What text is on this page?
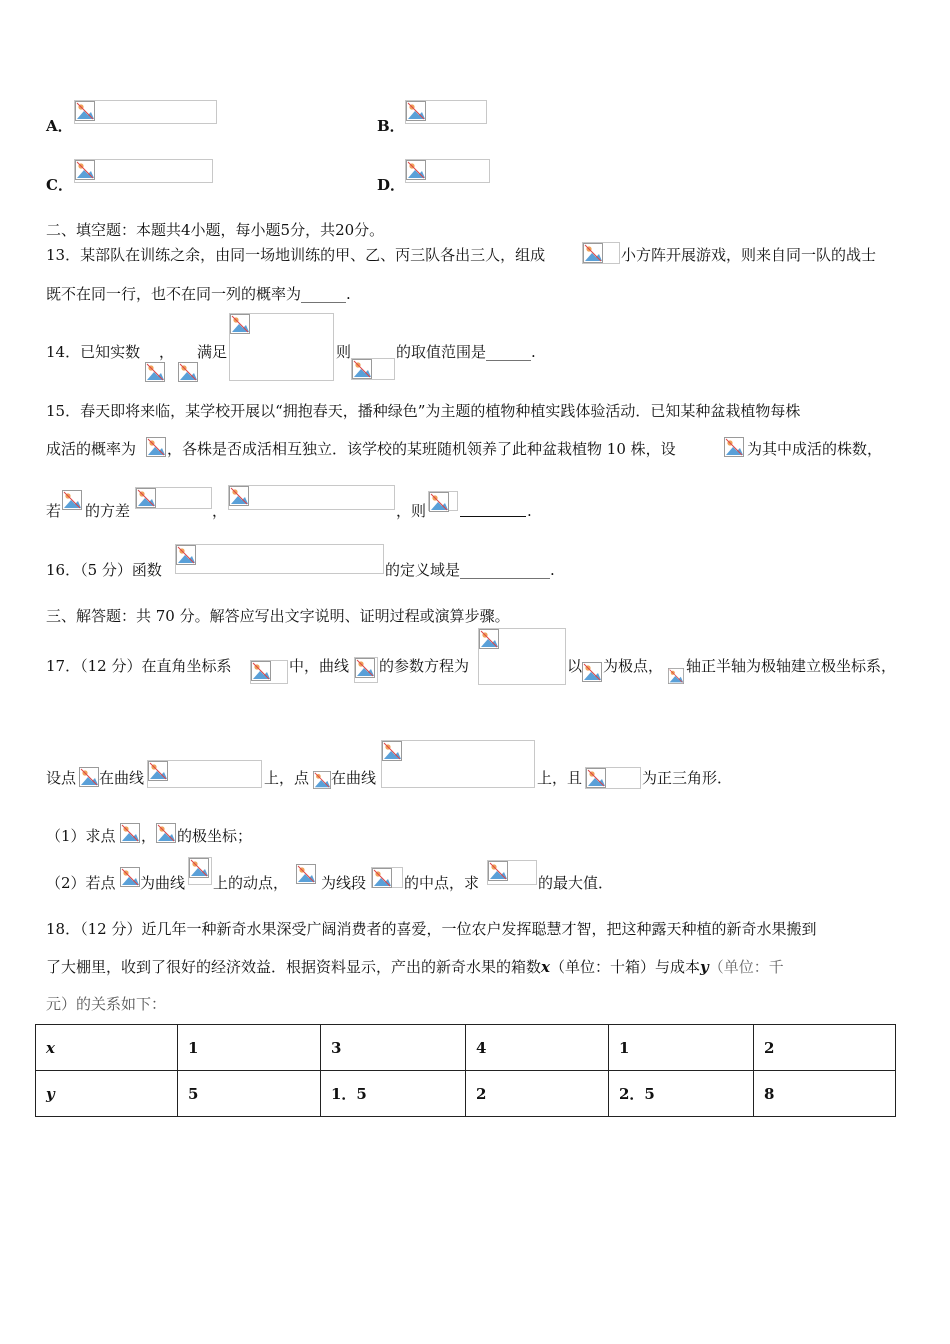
A．	B．
C．	D．
二、填空题：本题共4小题，每小题5分，共20分。
13．某部队在训练之余，由同一场地训练的甲、乙、丙三队各出三人，组成	小方阵开展游戏，则来自同一队的战士
既不在同一行，也不在同一列的概率为______.
14．已知实数 ， 满足	则	的取值范围是______.
15．春天即将来临，某学校开展以“拥抱春天，播种绿色”为主题的植物种植实践体验活动．已知某种盆栽植物每株
成活的概率为 ，各株是否成活相互独立．该学校的某班随机领养了此种盆栽植物 10 株，设	为其中成活的株数，
若 的方差	，	，则	.
16．（5 分）函数	的定义域是____________.
三、解答题：共 70 分。解答应写出文字说明、证明过程或演算步骤。
17．（12 分）在直角坐标系	中，曲线 的参数方程为	以 为极点， 轴正半轴为极轴建立极坐标系，
设点 在曲线	上，点 在曲线	上，且	为正三角形．
（1）求点 ， 的极坐标；
（2）若点 为曲线 上的动点， 为线段	的中点，求	的最大值．
18．（12 分）近几年一种新奇水果深受广阔消费者的喜爱，一位农户发挥聪慧才智，把这种露天种植的新奇水果搬到
了大棚里，收到了很好的经济效益．根据资料显示，产出的新奇水果的箱数x（单位：十箱）与成本y（单位：千
元）的关系如下：
x	1	3	4	1	2
y	5	1．5	2	2．5	8
